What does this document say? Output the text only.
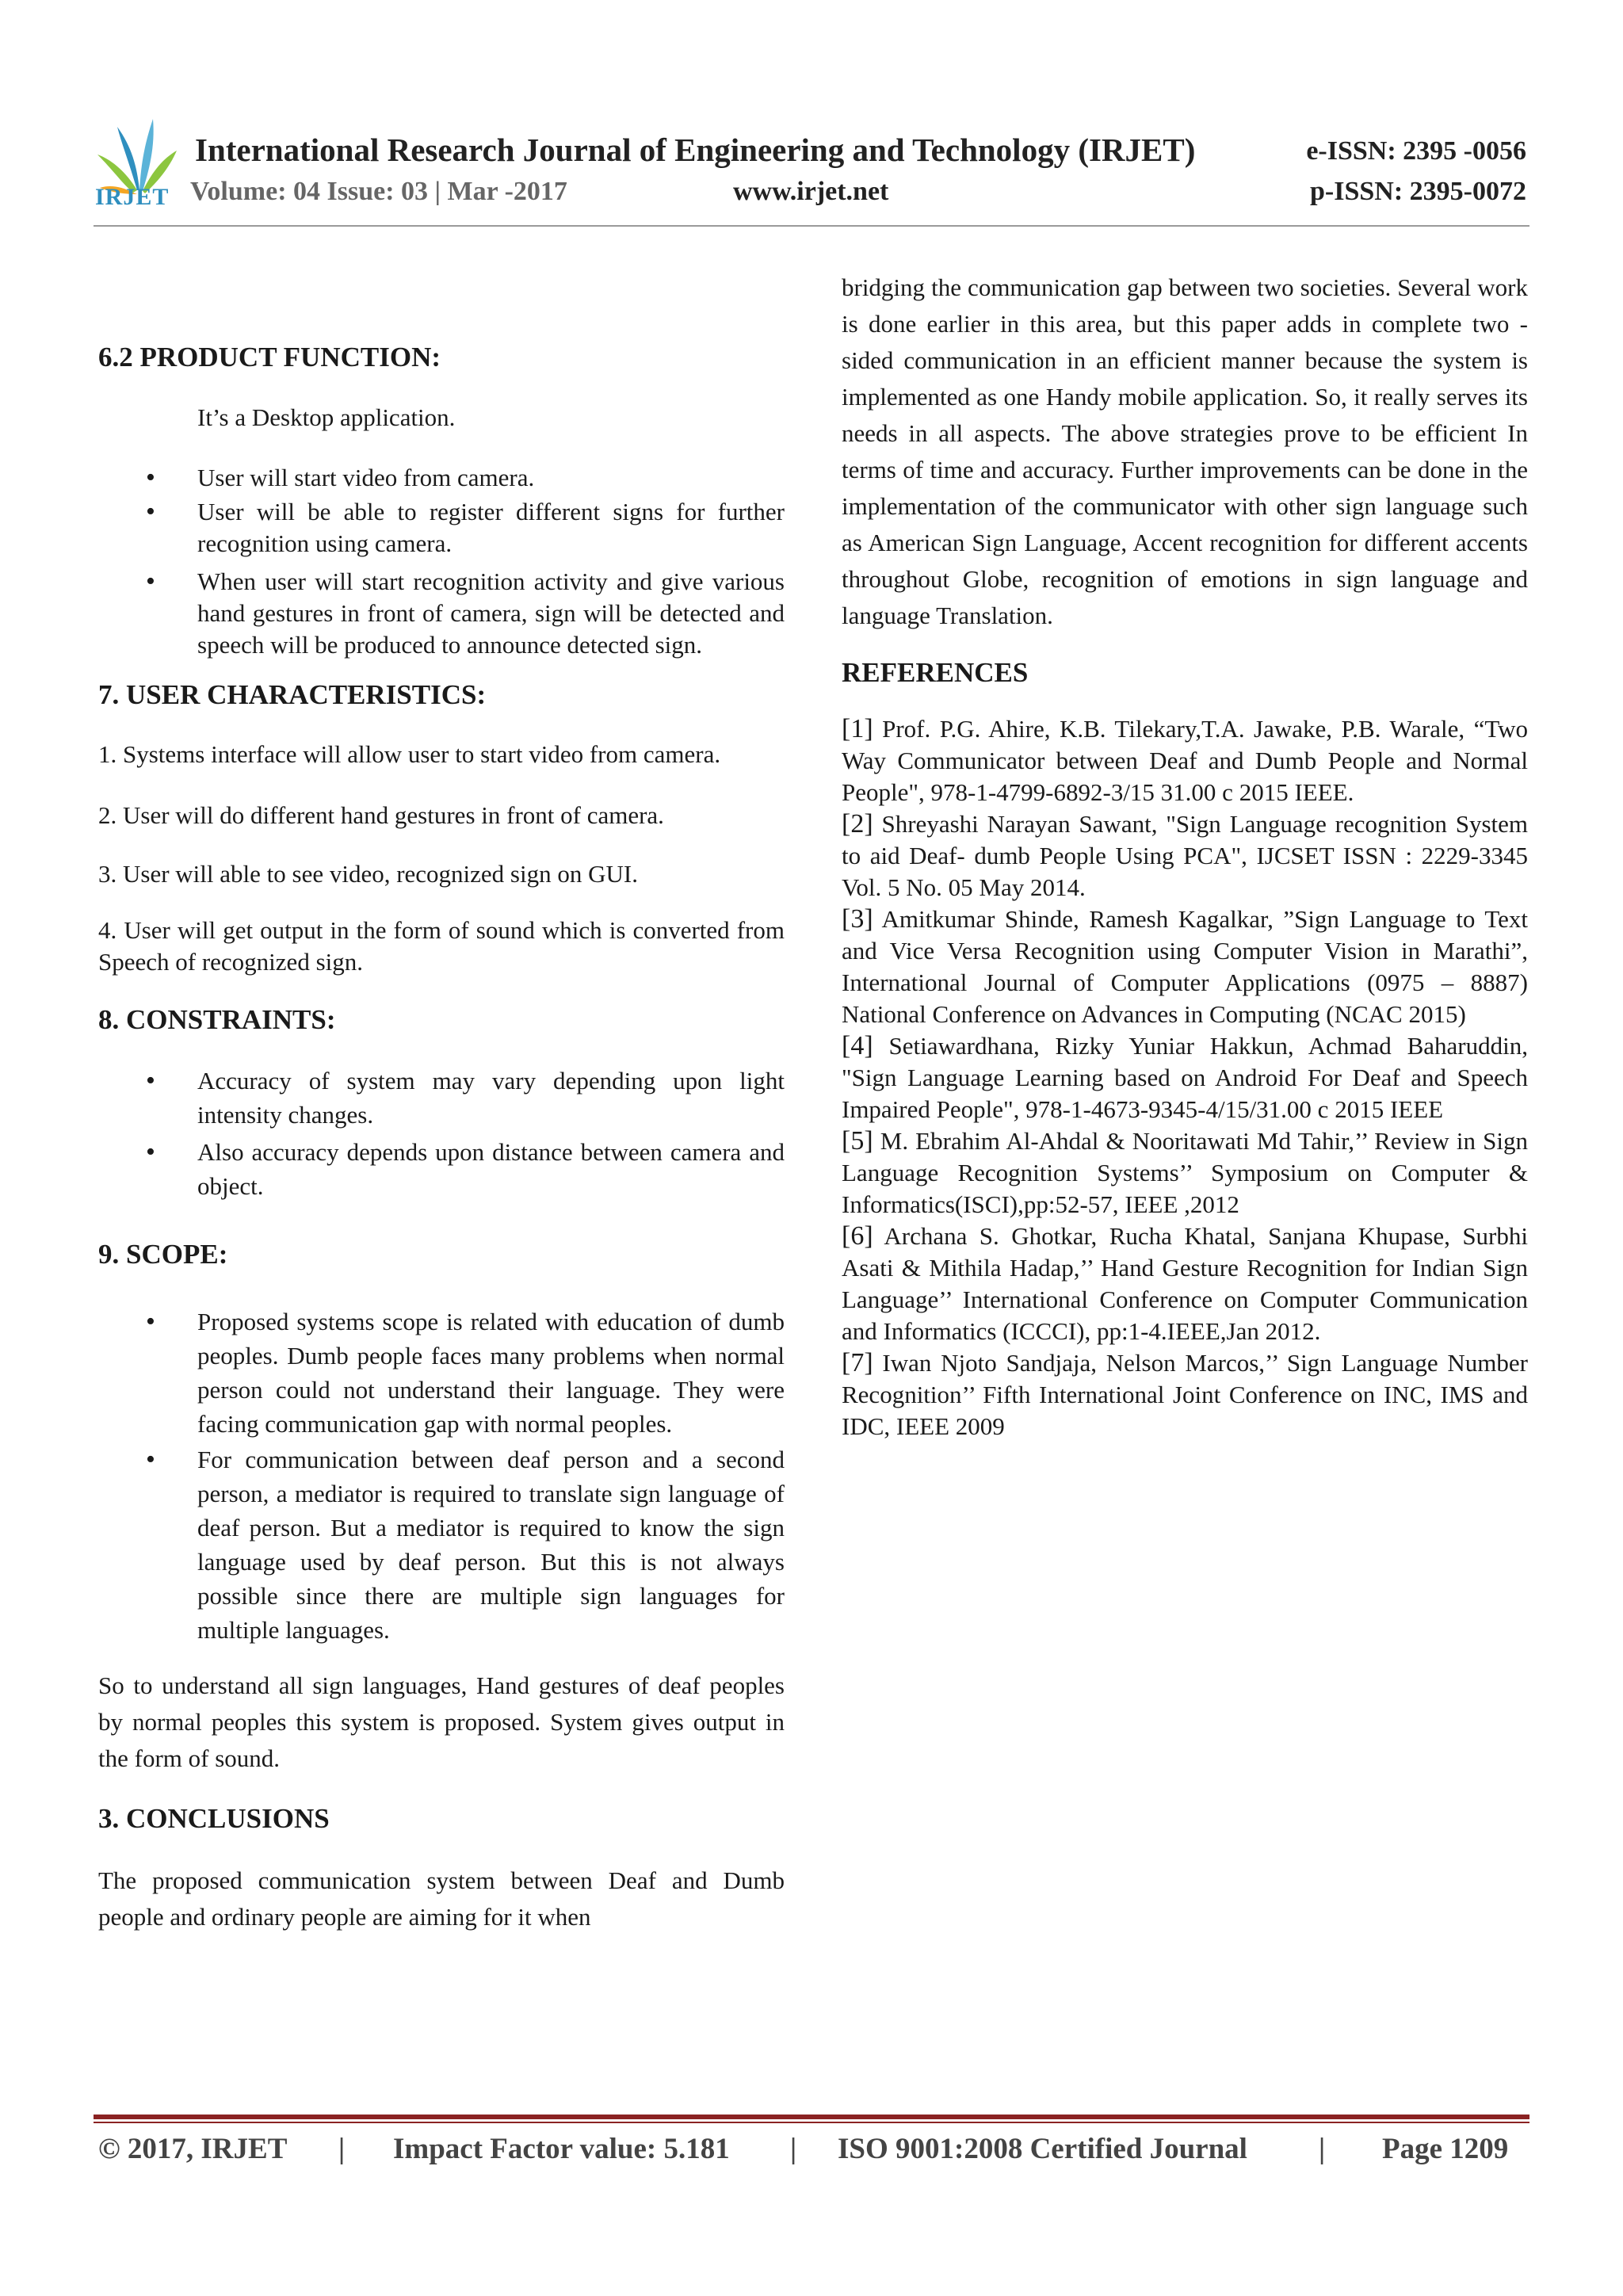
IRJET
International Research Journal of Engineering and Technology (IRJET)	e-ISSN: 2395 -0056
Volume: 04 Issue: 03 | Mar -2017	www.irjet.net	p-ISSN: 2395-0072
6.2 PRODUCT FUNCTION:

It’s a Desktop application.

• User will start video from camera.
• User will be able to register different signs for further recognition using camera.
• When user will start recognition activity and give various hand gestures in front of camera, sign will be detected and speech will be produced to announce detected sign.
7. USER CHARACTERISTICS:

1. Systems interface will allow user to start video from camera.

2. User will do different hand gestures in front of camera.

3. User will able to see video, recognized sign on GUI.

4. User will get output in the form of sound which is converted from Speech of recognized sign.

8. CONSTRAINTS:
• Accuracy of system may vary depending upon light intensity changes.
• Also accuracy depends upon distance between camera and object.
9. SCOPE:
• Proposed systems scope is related with education of dumb peoples. Dumb people faces many problems when normal person could not understand their language. They were facing communication gap with normal peoples.
• For communication between deaf person and a second person, a mediator is required to translate sign language of deaf person. But a mediator is required to know the sign language used by deaf person. But this is not always possible since there are multiple sign languages for multiple languages.

So to understand all sign languages, Hand gestures of deaf peoples by normal peoples this system is proposed. System gives output in the form of sound.

3. CONCLUSIONS

The proposed communication system between Deaf and Dumb people and ordinary people are aiming for it when

bridging the communication gap between two societies. Several work is done earlier in this area, but this paper adds in complete two - sided communication in an efficient manner because the system is implemented as one Handy mobile application. So, it really serves its needs in all aspects. The above strategies prove to be efficient In terms of time and accuracy. Further improvements can be done in the implementation of the communicator with other sign language such as American Sign Language, Accent recognition for different accents throughout Globe, recognition of emotions in sign language and language Translation.

REFERENCES

[1] Prof. P.G. Ahire, K.B. Tilekary,T.A. Jawake, P.B. Warale, “Two Way Communicator between Deaf and Dumb People and Normal People", 978-1-4799-6892-3/15 31.00 c 2015 IEEE.

[2] Shreyashi Narayan Sawant, "Sign Language recognition System to aid Deaf- dumb People Using PCA", IJCSET ISSN : 2229-3345 Vol. 5 No. 05 May 2014.

[3] Amitkumar Shinde, Ramesh Kagalkar, ”Sign Language to Text and Vice Versa Recognition using Computer Vision in Marathi”, International Journal of Computer Applications (0975 – 8887) National Conference on Advances in Computing (NCAC 2015)

[4] Setiawardhana, Rizky Yuniar Hakkun, Achmad Baharuddin, "Sign Language Learning based on Android For Deaf and Speech Impaired People", 978-1-4673-9345-4/15/31.00 c 2015 IEEE

[5] M. Ebrahim Al-Ahdal & Nooritawati Md Tahir,’’ Review in Sign Language Recognition Systems’’ Symposium on Computer & Informatics(ISCI),pp:52-57, IEEE ,2012

[6] Archana S. Ghotkar, Rucha Khatal, Sanjana Khupase, Surbhi Asati & Mithila Hadap,’’ Hand Gesture Recognition for Indian Sign Language’’ International Conference on Computer Communication and Informatics (ICCCI), pp:1-4.IEEE,Jan 2012.

[7] Iwan Njoto Sandjaja, Nelson Marcos,’’ Sign Language Number Recognition’’ Fifth International Joint Conference on INC, IMS and IDC, IEEE 2009

© 2017, IRJET | Impact Factor value: 5.181 | ISO 9001:2008 Certified Journal | Page 1209
